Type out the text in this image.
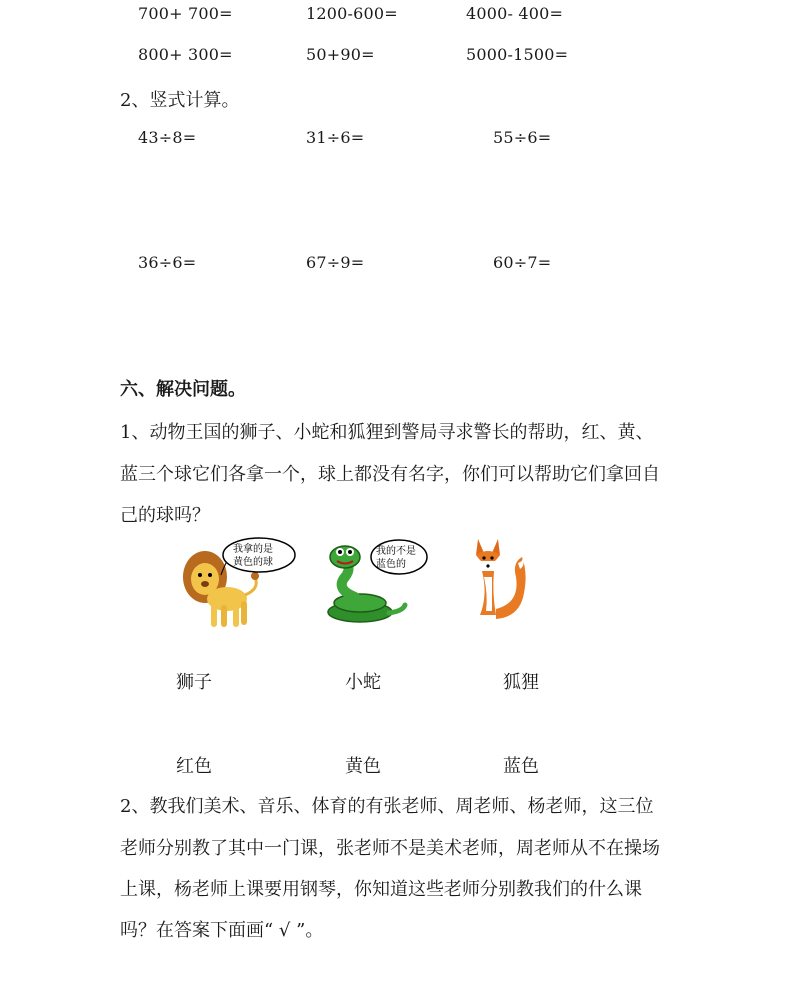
700+ 700=	1200-600=	4000- 400=
800+ 300=	50+90=	5000-1500=
2、竖式计算。
43÷8=	31÷6=	55÷6=
36÷6=	67÷9=	60÷7=
六、解决问题。
1、动物王国的狮子、小蛇和狐狸到警局寻求警长的帮助，红、黄、
蓝三个球它们各拿一个，球上都没有名字，你们可以帮助它们拿回自
己的球吗？
我拿的是
黄色的球
我的不是
蓝色的
狮子	小蛇	狐狸
红色	黄色	蓝色
2、教我们美术、音乐、体育的有张老师、周老师、杨老师，这三位
老师分别教了其中一门课，张老师不是美术老师，周老师从不在操场
上课，杨老师上课要用钢琴，你知道这些老师分别教我们的什么课
吗？在答案下面画“ √ ”。
